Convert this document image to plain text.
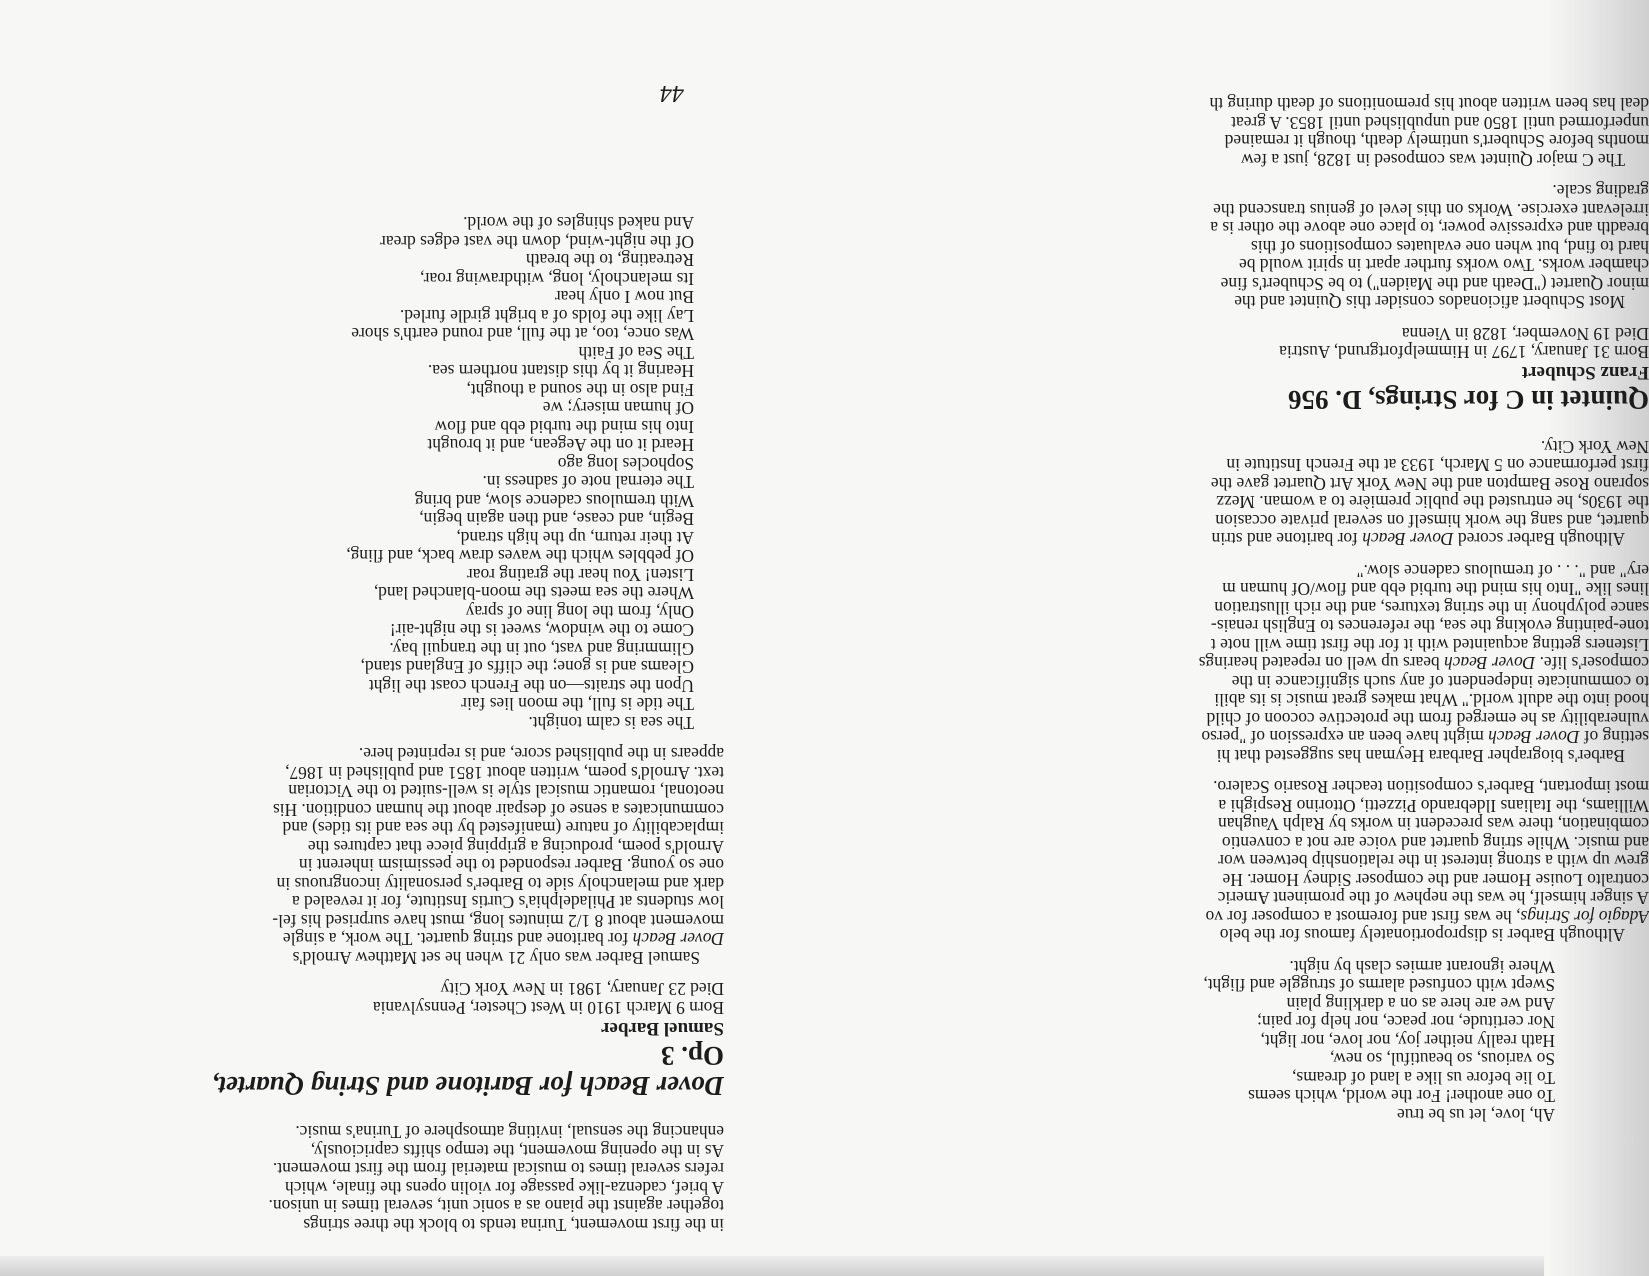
Ah, love, let us be true
To one another! For the world, which seems
To lie before us like a land of dreams,
So various, so beautiful, so new,
Hath really neither joy, nor love, nor light,
Nor certitude, nor peace, nor help for pain;
And we are here as on a darkling plain
Swept with confused alarms of struggle and flight,
Where ignorant armies clash by night.
Although Barber is disproportionately famous for the belo
Adagio for Strings, he was first and foremost a composer for vo
A singer himself, he was the nephew of the prominent Americ
contralto Louise Homer and the composer Sidney Homer. He
grew up with a strong interest in the relationship between wor
and music. While string quartet and voice are not a conventio
combination, there was precedent in works by Ralph Vaughan
Williams, the Italians Ildebrando Pizzetti, Ottorino Respighi a
most important, Barber's composition teacher Rosario Scalero.
Barber's biographer Barbara Heyman has suggested that hi
setting of Dover Beach might have been an expression of "perso
vulnerability as he emerged from the protective cocoon of child
hood into the adult world." What makes great music is its abili
to communicate independent of any such significance in the
composer's life. Dover Beach bears up well on repeated hearings
Listeners getting acquainted with it for the first time will note t
tone-painting evoking the sea, the references to English renais-
sance polyphony in the string textures, and the rich illustration
lines like "Into his mind the turbid ebb and flow/Of human m
ery" and ". . . of tremulous cadence slow."
Although Barber scored Dover Beach for baritone and strin
quartet, and sang the work himself on several private occasion
the 1930s, he entrusted the public première to a woman. Mezz
soprano Rose Bampton and the New York Art Quartet gave the
first performance on 5 March, 1933 at the French Institute in
New York City.
Quintet in C for Strings, D. 956
Franz Schubert
Born 31 January, 1797 in Himmelpfortgrund, Austria
Died 19 November, 1828 in Vienna
Most Schubert aficionados consider this Quintet and the
minor Quartet ("Death and the Maiden") to be Schubert's fine
chamber works. Two works further apart in spirit would be
hard to find, but when one evaluates compositions of this
breadth and expressive power, to place one above the other is a
irrelevant exercise. Works on this level of genius transcend the
grading scale.
The C major Quintet was composed in 1828, just a few
months before Schubert's untimely death, though it remained
unperformed until 1850 and unpublished until 1853. A great
deal has been written about his premonitions of death during th
in the first movement, Turina tends to block the three strings
together against the piano as a sonic unit, several times in unison.
A brief, cadenza-like passage for violin opens the finale, which
refers several times to musical material from the first movement.
As in the opening movement, the tempo shifts capriciously,
enhancing the sensual, inviting atmosphere of Turina's music.
Dover Beach for Baritone and String Quartet,
Op. 3
Samuel Barber
Born 9 March 1910 in West Chester, Pennsylvania
Died 23 January, 1981 in New York City
Samuel Barber was only 21 when he set Matthew Arnold's
Dover Beach for baritone and string quartet. The work, a single
movement about 8 1/2 minutes long, must have surprised his fel-
low students at Philadelphia's Curtis Institute, for it revealed a
dark and melancholy side to Barber's personality incongruous in
one so young. Barber responded to the pessimism inherent in
Arnold's poem, producing a gripping piece that captures the
implacability of nature (manifested by the sea and its tides) and
communicates a sense of despair about the human condition. His
neotonal, romantic musical style is well-suited to the Victorian
text. Arnold's poem, written about 1851 and published in 1867,
appears in the published score, and is reprinted here.
The sea is calm tonight.
The tide is full, the moon lies fair
Upon the straits—on the French coast the light
Gleams and is gone; the cliffs of England stand,
Glimmring and vast, out in the tranquil bay.
Come to the window, sweet is the night-air!
Only, from the long line of spray
Where the sea meets the moon-blanched land,
Listen! You hear the grating roar
Of pebbles which the waves draw back, and fling,
At their return, up the high strand,
Begin, and cease, and then again begin,
With tremulous cadence slow, and bring
The eternal note of sadness in.
Sophocles long ago
Heard it on the Aegean, and it brought
Into his mind the turbid ebb and flow
Of human misery; we
Find also in the sound a thought,
Hearing it by this distant northern sea.
The Sea of Faith
Was once, too, at the full, and round earth's shore
Lay like the folds of a bright girdle furled.
But now I only hear
Its melancholy, long, withdrawing roar,
Retreating, to the breath
Of the night-wind, down the vast edges drear
And naked shingles of the world.
44
